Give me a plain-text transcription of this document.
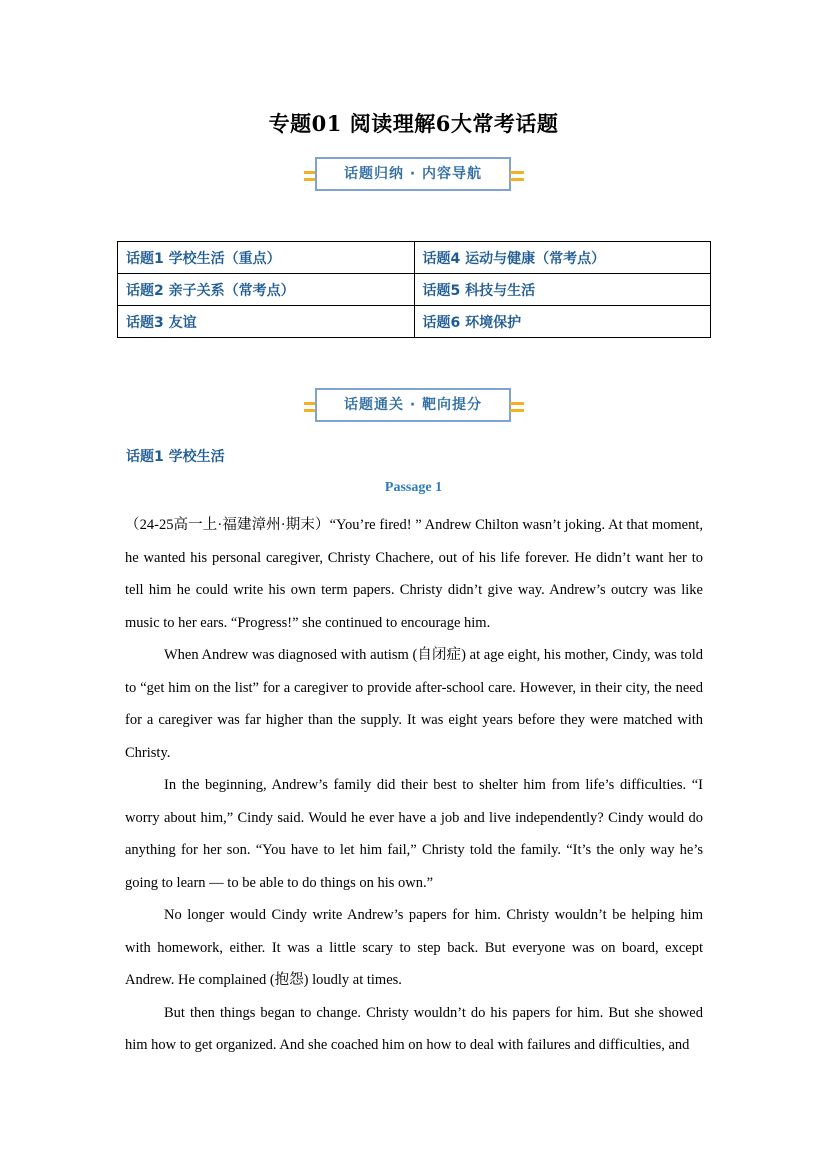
专题01 阅读理解6大常考话题
话题归纳 · 内容导航
话题1 学校生活（重点）	话题4 运动与健康（常考点）
话题2 亲子关系（常考点）	话题5 科技与生活
话题3 友谊	话题6 环境保护
话题通关 · 靶向提分
话题1 学校生活
Passage 1

（24-25高一上·福建漳州·期末）“You’re fired! ” Andrew Chilton wasn’t joking. At that moment, he wanted his personal caregiver, Christy Chachere, out of his life forever. He didn’t want her to tell him he could write his own term papers. Christy didn’t give way. Andrew’s outcry was like music to her ears. “Progress!” she continued to encourage him.

When Andrew was diagnosed with autism (自闭症) at age eight, his mother, Cindy, was told to “get him on the list” for a caregiver to provide after-school care. However, in their city, the need for a caregiver was far higher than the supply. It was eight years before they were matched with Christy.

In the beginning, Andrew’s family did their best to shelter him from life’s difficulties. “I worry about him,” Cindy said. Would he ever have a job and live independently? Cindy would do anything for her son. “You have to let him fail,” Christy told the family. “It’s the only way he’s going to learn — to be able to do things on his own.”

No longer would Cindy write Andrew’s papers for him. Christy wouldn’t be helping him with homework, either. It was a little scary to step back. But everyone was on board, except Andrew. He complained (抱怨) loudly at times.

But then things began to change. Christy wouldn’t do his papers for him. But she showed him how to get organized. And she coached him on how to deal with failures and difficulties, and
